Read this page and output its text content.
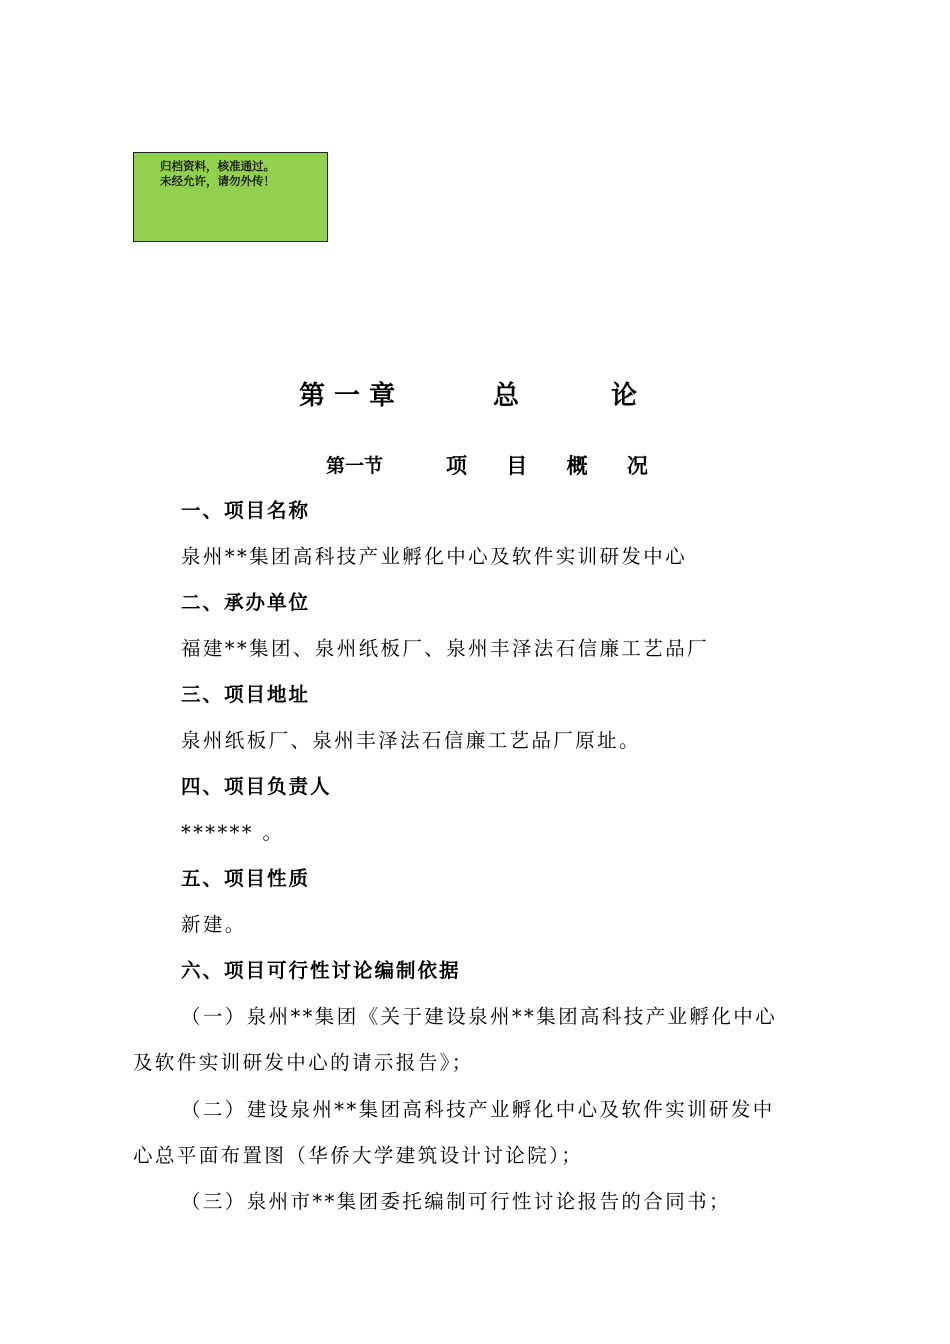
归档资料，核准通过。
未经允许，请勿外传！

第 一 章

	总

	论

第一节	项 目 概 况
一、项目名称
泉州**集团高科技产业孵化中心及软件实训研发中心
二、承办单位
福建**集团、泉州纸板厂、泉州丰泽法石信廉工艺品厂
三、项目地址
泉州纸板厂、泉州丰泽法石信廉工艺品厂原址。
四、项目负责人
****** 。
五、项目性质
新建。
六、项目可行性讨论编制依据
（一）泉州**集团《关于建设泉州**集团高科技产业孵化中心
及软件实训研发中心的请示报告》；
（二）建设泉州**集团高科技产业孵化中心及软件实训研发中
心总平面布置图（华侨大学建筑设计讨论院）；
（三）泉州市**集团委托编制可行性讨论报告的合同书；
